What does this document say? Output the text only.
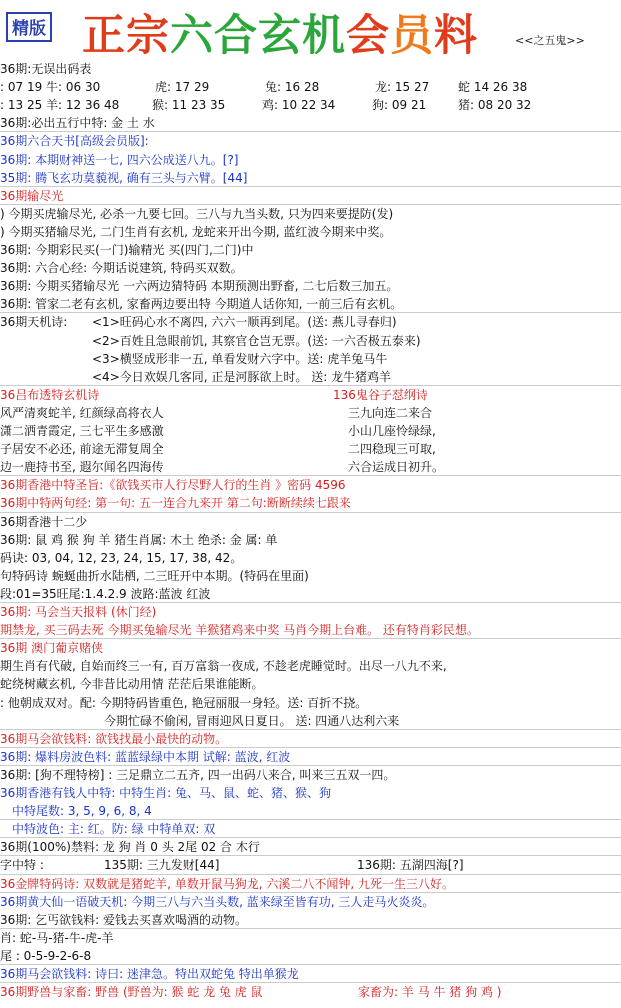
精版 正宗六合玄机会员料	<<之五鬼>>
36期:无误出码表
: 07 19 牛: 06 30	虎: 17 29	兔: 16 28	龙: 15 27 蛇 14 26 38
: 13 25 羊: 12 36 48	猴: 11 23 35	鸡: 10 22 34	狗: 09 21	猪: 08 20 32
36期:必出五行中特: 金 土 水
36期六合天书[高级会员版]:
36期: 本期财神送一七, 四六公成送八九。[?]
35期: 腾飞玄功莫藐视, 确有三头与六臂。[44]
36期输尽光
) 今期买虎输尽光, 必杀一九要七回。三八与九当头数, 只为四来要提防(发)
) 今期买猪输尽光, 二门生肖有玄机, 龙蛇来开出今期, 蓝红波今期来中奖。
36期: 今期彩民买(一门)输精光 买(四门,二门)中
36期: 六合心经: 今期话说建筑, 特码买双数。
36期: 今期买猪输尽光 一六两边猜特码 本期预测出野畜, 二七后数三加五。
36期: 管家二老有玄机, 家畜两边要出特 今期道人话你知, 一前三后有玄机。
36期天机诗: <1>旺码心水不离四, 六六一顺再到尾。(送: 燕儿寻春归)
<2>百姓且急眼前饥, 其察官仓岂无票。(送: 一六否极五泰来)
<3>横竖成形非一五, 单看发财六字中。送: 虎羊兔马牛
<4>今日欢娱几客同, 正是河豚欲上时。 送: 龙牛猪鸡羊
36吕布透特玄机诗	136鬼谷子怼纲诗
风严清爽蛇羊, 红颜绿高将衣人	三九向连二来合
潇二洒青霞定, 三七平生多感激	小山几座怜绿绿,
子居安不必还, 前途无滞复周全	二四稳现三可取,
边一鹿持书至, 遐尔闻名四海传	六合运成日初升。
36期香港中特圣旨:《欲钱买市人行尽野人行的生肖 》密码 4596
36期中特两句经: 第一句: 五一连合九来开 第二句:断断续续七跟来
36期香港十二少
36期: 鼠 鸡 猴 狗 羊 猪生肖属: 木土 绝杀: 金 属: 单
码诀: 03, 04, 12, 23, 24, 15, 17, 38, 42。
句特码诗 蜿蜒曲折水陆栖, 二三旺开中本期。(特码在里面)
段:01=35旺尾:1.4.2.9 波路:蓝波 红波
36期: 马会当天报料 (休门经)
期禁龙, 买三码去死 今期买兔输尽光 羊猴猪鸡来中奖 马肖今期上台难。 还有特肖彩民想。
36期 澳门葡京赌侠
期生肖有代破, 自始而终三一有, 百万富翁一夜成, 不趁老虎睡觉时。出尽一八九不来,
蛇绕树藏玄机, 今非昔比动用情 茫茫后果谁能断。
: 他朝成双对。配: 今期特码皆重色, 艳冠丽服一身轻。送: 百折不挠。
今期忙碌不偷闲, 冒雨迎风日夏日。 送: 四通八达利六来
36期马会欲钱料: 欲钱找最小最快的动物。
36期: 爆料房波色料: 蓝蓝绿绿中本期 试解: 蓝波, 红波
36期: [狗不理特榜] : 三足鼎立二五齐, 四一出码八来合, 叫来三五双一四。
36期香港有钱人中特: 中特生肖: 兔、马、鼠、蛇、猪、猴、狗
中特尾数: 3, 5, 9, 6, 8, 4
中特波色: 主: 红。防: 绿 中特单双: 双
36期(100%)禁料: 龙 狗 肖 0 头 2尾 02 合 木行
字中特 :	135期: 三九发财[44]	136期: 五湖四海[?]
36金牌特码诗: 双数就是猪蛇羊, 单数开鼠马狗龙, 六溪二八不闻钟, 九死一生三八好。
36期黄大仙一语破天机: 今期三八与六当头数, 蓝来绿至皆有功, 三人走马火炎炎。
36期: 乞丐欲钱料: 爱钱去买喜欢喝酒的动物。
肖: 蛇-马-猪-牛-虎-羊
尾 : 0-5-9-2-6-8
36期马会欲钱料: 诗曰: 迷津急。特出双蛇兔 特出单猴龙
36期野兽与家畜: 野兽 (野兽为: 猴 蛇 龙 兔 虎 鼠	家畜为: 羊 马 牛 猪 狗 鸡 )
